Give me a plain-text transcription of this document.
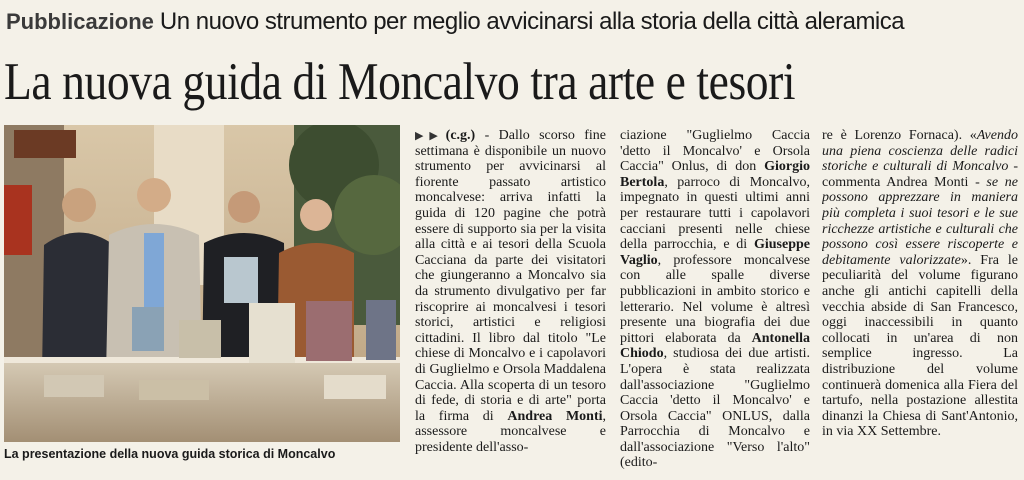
Pubblicazione Un nuovo strumento per meglio avvicinarsi alla storia della città aleramica
La nuova guida di Moncalvo tra arte e tesori
La presentazione della nuova guida storica di Moncalvo

▶▶ (c.g.) - Dallo scorso fine settimana è disponibile un nuovo strumento per avvicinarsi al fiorente passato artistico moncalvese: arriva infatti la guida di 120 pagine che potrà essere di supporto sia per la visita alla città e ai tesori della Scuola Caccianа da parte dei visitatori che giungeranno a Moncalvo sia da strumento divulgativo per far riscoprire ai moncalvesi i tesori storici, artistici e religiosi cittadini. Il libro dal titolo "Le chiese di Moncalvo e i capolavori di Guglielmo e Orsola Maddalena Caccia. Alla scoperta di un tesoro di fede, di storia e di arte" porta la firma di Andrea Monti, assessore moncalvese e presidente dell'asso-

ciazione "Guglielmo Caccia 'detto il Moncalvo' e Orsola Caccia" Onlus, di don Giorgio Bertola, parroco di Moncalvo, impegnato in questi ultimi anni per restaurare tutti i capolavori cacciani presenti nelle chiese della parrocchia, e di Giuseppe Vaglio, professore moncalvese con alle spalle diverse pubblicazioni in ambito storico e letterario. Nel volume è altresì presente una biografia dei due pittori elaborata da Antonella Chiodo, studiosa dei due artisti. L'opera è stata realizzata dall'associazione "Guglielmo Caccia 'detto il Moncalvo' e Orsola Caccia" ONLUS, dalla Parrocchia di Moncalvo e dall'associazione "Verso l'alto" (edito-

re è Lorenzo Fornaca). «Avendo una piena coscienza delle radici storiche e culturali di Moncalvo - commenta Andrea Monti - se ne possono apprezzare in maniera più completa i suoi tesori e le sue ricchezze artistiche e culturali che possono così essere riscoperte e debitamente valorizzate». Fra le peculiarità del volume figurano anche gli antichi capitelli della vecchia abside di San Francesco, oggi inaccessibili in quanto collocati in un'area di non semplice ingresso. La distribuzione del volume continuerà domenica alla Fiera del tartufo, nella postazione allestita dinanzi la Chiesa di Sant'Antonio, in via XX Settembre.
